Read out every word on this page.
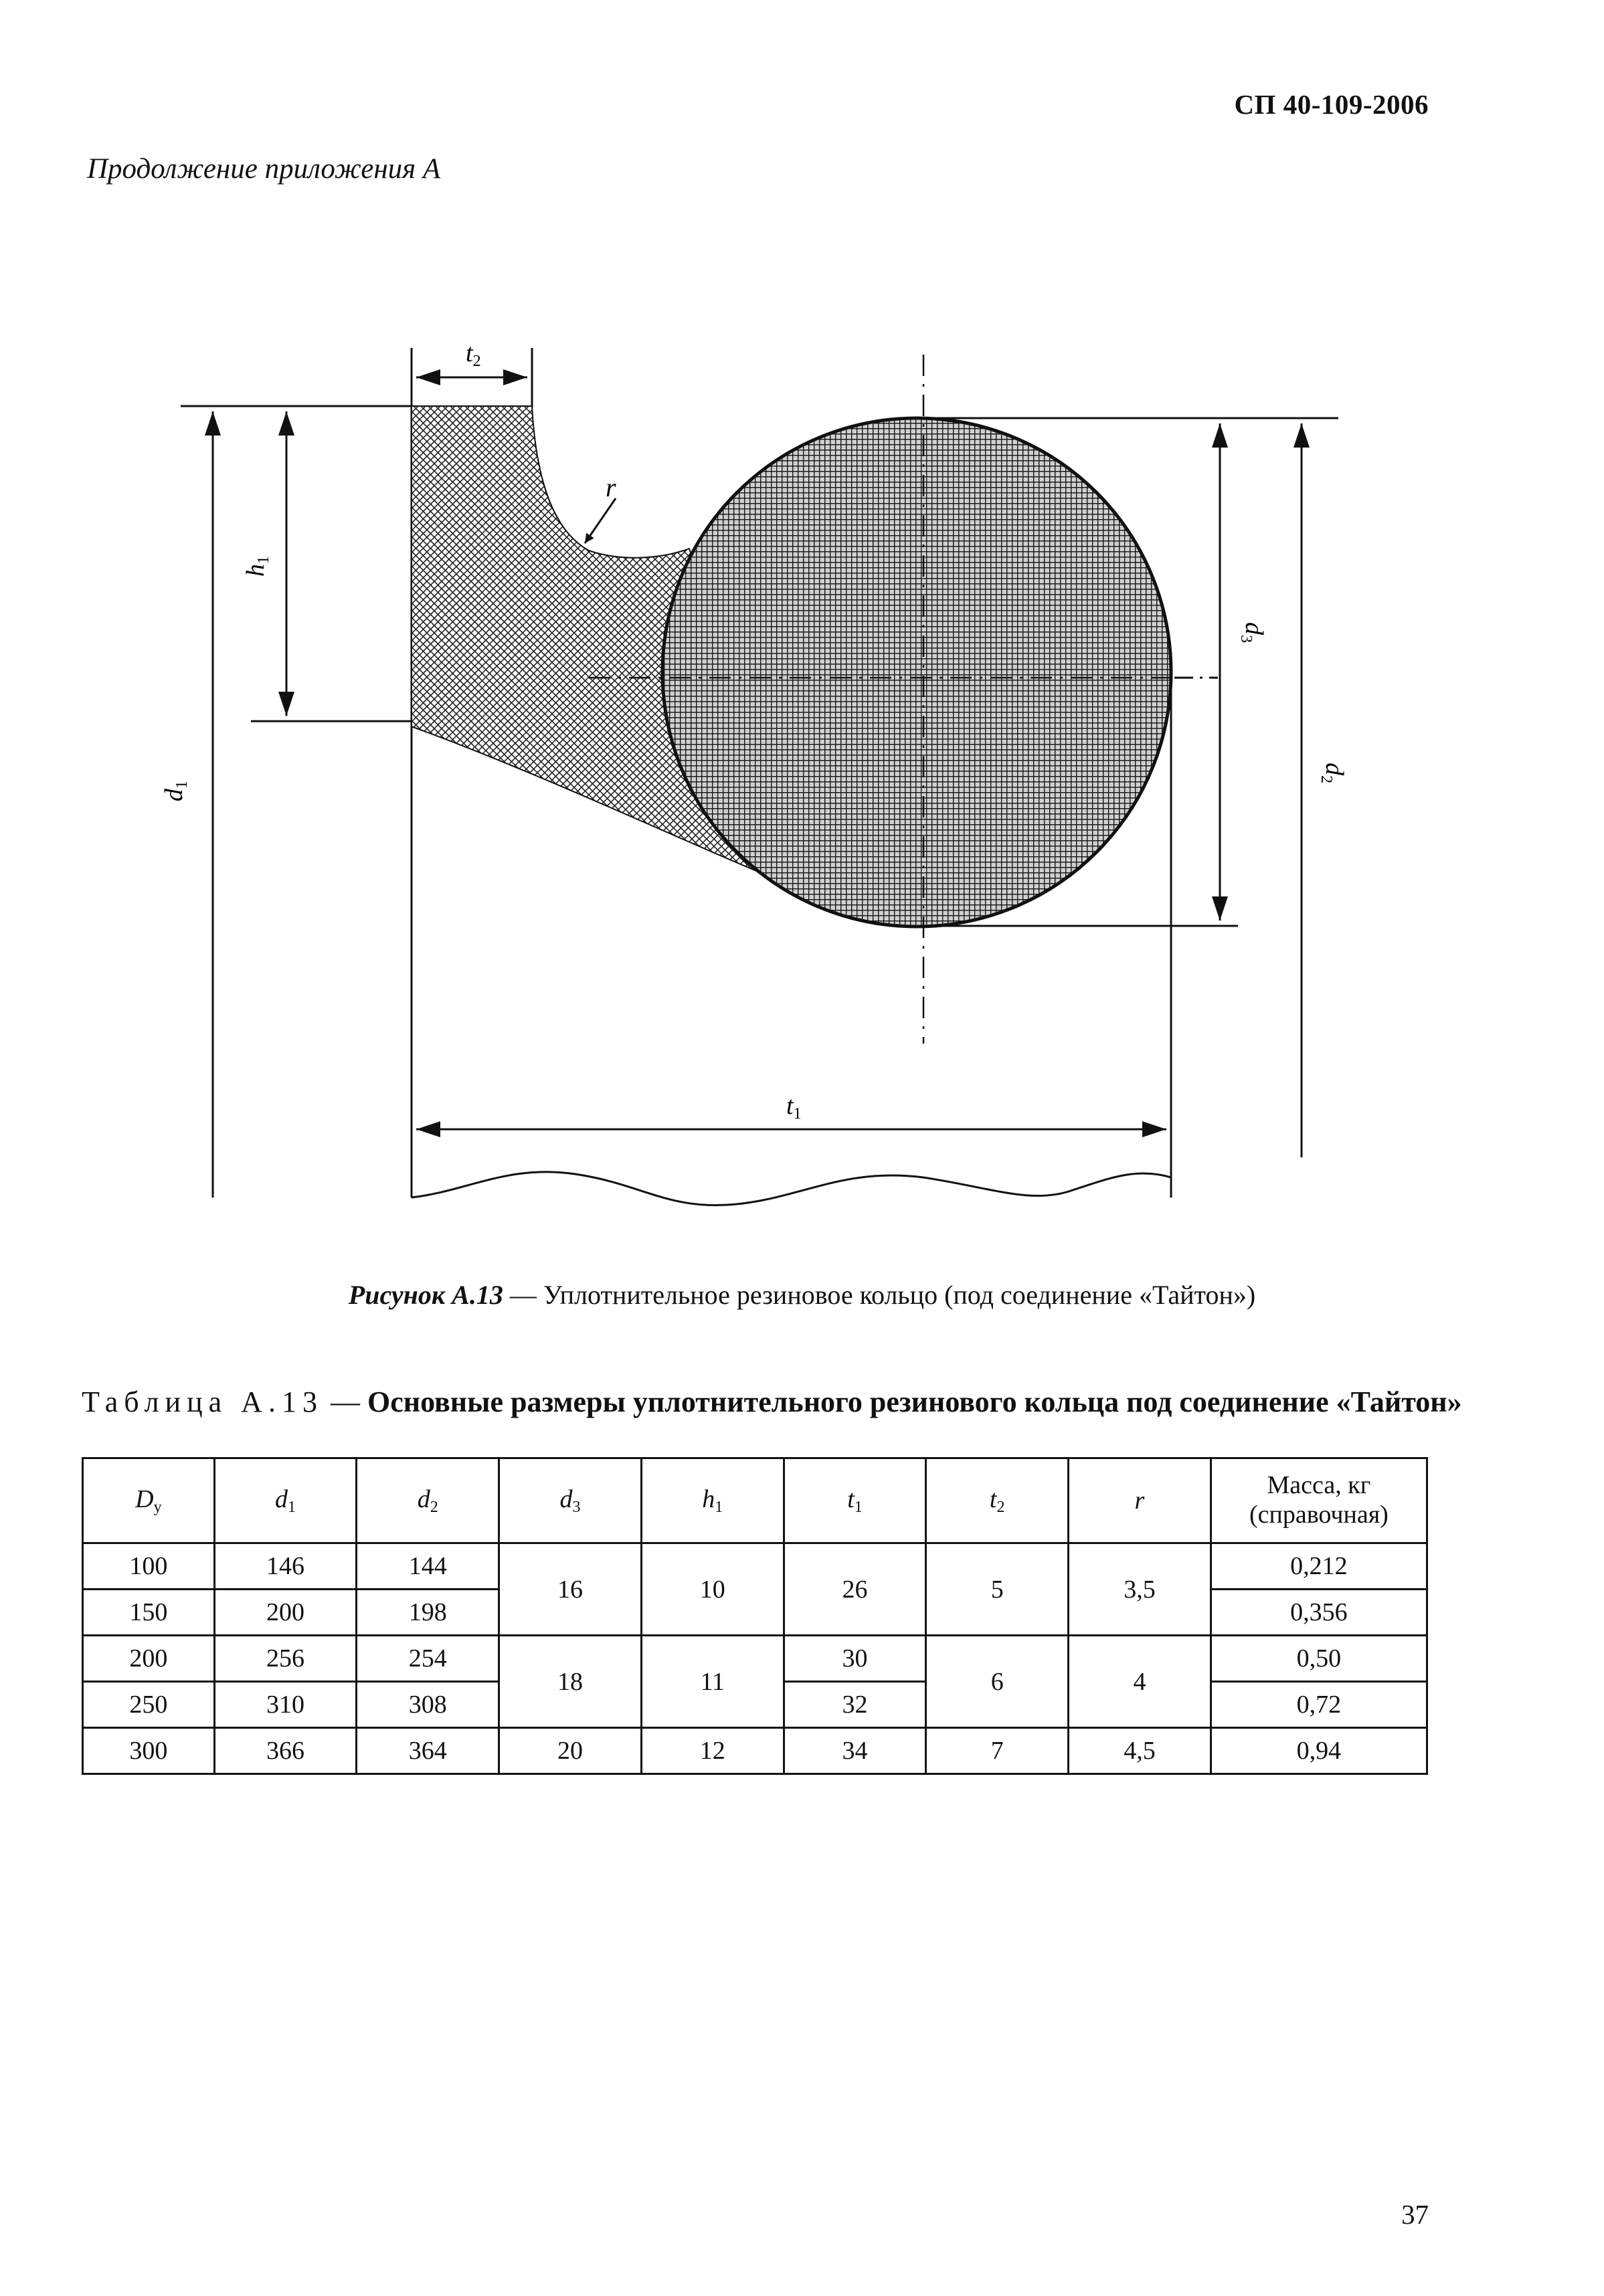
СП 40-109-2006
Продолжение приложения А
t2
r
t1
h1
d1
d3
d2
Рисунок А.13 — Уплотнительное резиновое кольцо (под соединение «Тайтон»)
Таблица А.13 — Основные размеры уплотнительного резинового кольца под соединение «Тайтон»
$D_у$	$d_1$	$d_2$	$d_3$	$h_1$	$t_1$	$t_2$	r	Масса, кг
(справочная)
100	146	144	16	10	26	5	3,5	0,212
150	200	198						0,356
200	256	254	18	11	30	6	4	0,50
250	310	308			32			0,72
300	366	364	20	12	34	7	4,5	0,94
37
